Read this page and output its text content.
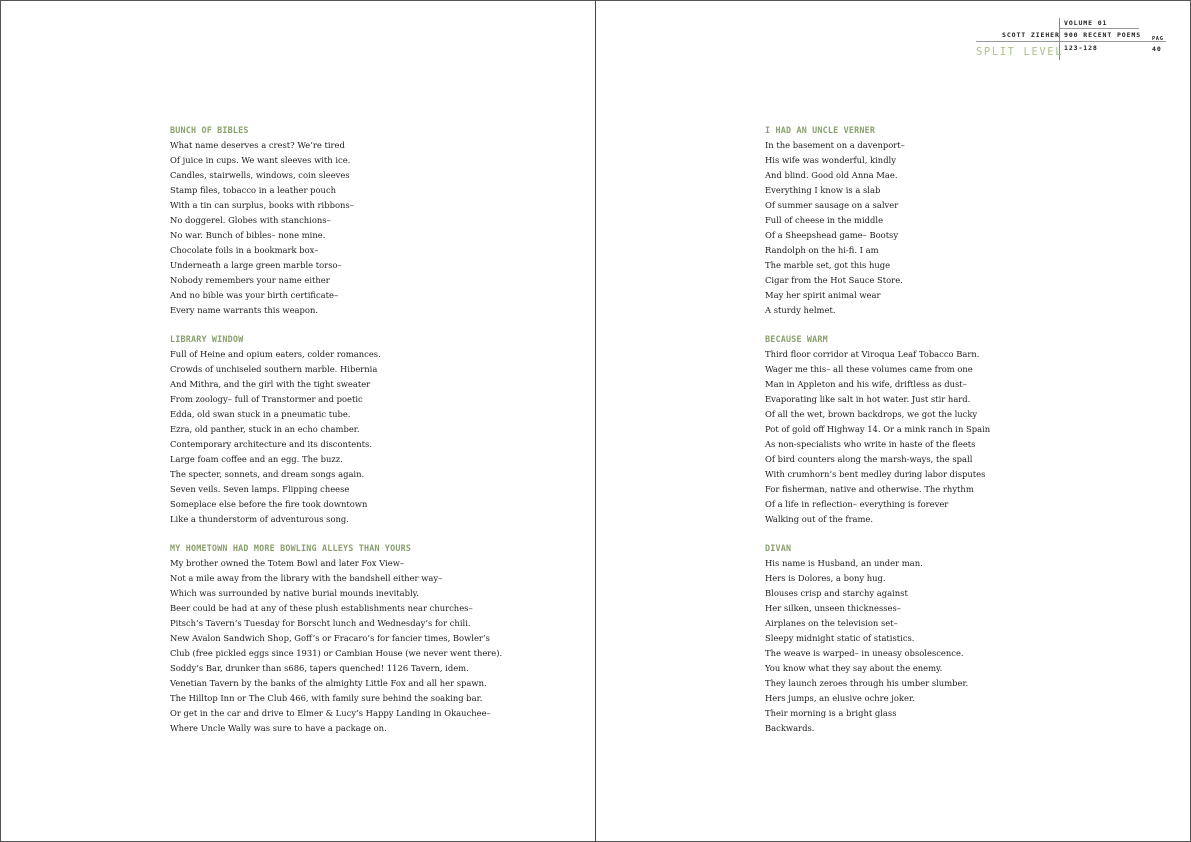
VOLUME 01
SCOTT ZIEHER 900 RECENT POEMS
123-128
PAG
40
SPLIT LEVEL
BUNCH OF BIBLES
What name deserves a crest? We’re tired
Of juice in cups. We want sleeves with ice.
Candles, stairwells, windows, coin sleeves
Stamp files, tobacco in a leather pouch
With a tin can surplus, books with ribbons–
No doggerel. Globes with stanchions–
No war. Bunch of bibles– none mine.
Chocolate foils in a bookmark box–
Underneath a large green marble torso–
Nobody remembers your name either
And no bible was your birth certificate–
Every name warrants this weapon.
LIBRARY WINDOW
Full of Heine and opium eaters, colder romances.
Crowds of unchiseled southern marble. Hibernia
And Mithra, and the girl with the tight sweater
From zoology– full of Transtormer and poetic
Edda, old swan stuck in a pneumatic tube.
Ezra, old panther, stuck in an echo chamber.
Contemporary architecture and its discontents.
Large foam coffee and an egg. The buzz.
The specter, sonnets, and dream songs again.
Seven veils. Seven lamps. Flipping cheese
Someplace else before the fire took downtown
Like a thunderstorm of adventurous song.
MY HOMETOWN HAD MORE BOWLING ALLEYS THAN YOURS
My brother owned the Totem Bowl and later Fox View–
Not a mile away from the library with the bandshell either way–
Which was surrounded by native burial mounds inevitably.
Beer could be had at any of these plush establishments near churches–
Pitsch’s Tavern’s Tuesday for Borscht lunch and Wednesday’s for chili.
New Avalon Sandwich Shop, Goff’s or Fracaro’s for fancier times, Bowler’s
Club (free pickled eggs since 1931) or Cambian House (we never went there).
Soddy’s Bar, drunker than s686, tapers quenched! 1126 Tavern, idem.
Venetian Tavern by the banks of the almighty Little Fox and all her spawn.
The Hilltop Inn or The Club 466, with family sure behind the soaking bar.
Or get in the car and drive to Elmer & Lucy’s Happy Landing in Okauchee–
Where Uncle Wally was sure to have a package on.
I HAD AN UNCLE VERNER
In the basement on a davenport–
His wife was wonderful, kindly
And blind. Good old Anna Mae.
Everything I know is a slab
Of summer sausage on a salver
Full of cheese in the middle
Of a Sheepshead game– Bootsy
Randolph on the hi-fi. I am
The marble set, got this huge
Cigar from the Hot Sauce Store.
May her spirit animal wear
A sturdy helmet.
BECAUSE WARM
Third floor corridor at Viroqua Leaf Tobacco Barn.
Wager me this– all these volumes came from one
Man in Appleton and his wife, driftless as dust–
Evaporating like salt in hot water. Just stir hard.
Of all the wet, brown backdrops, we got the lucky
Pot of gold off Highway 14. Or a mink ranch in Spain
As non-specialists who write in haste of the fleets
Of bird counters along the marsh-ways, the spall
With crumhorn’s bent medley during labor disputes
For fisherman, native and otherwise. The rhythm
Of a life in reflection– everything is forever
Walking out of the frame.
DIVAN
His name is Husband, an under man.
Hers is Dolores, a bony hug.
Blouses crisp and starchy against
Her silken, unseen thicknesses–
Airplanes on the television set–
Sleepy midnight static of statistics.
The weave is warped– in uneasy obsolescence.
You know what they say about the enemy.
They launch zeroes through his umber slumber.
Hers jumps, an elusive ochre joker.
Their morning is a bright glass
Backwards.
